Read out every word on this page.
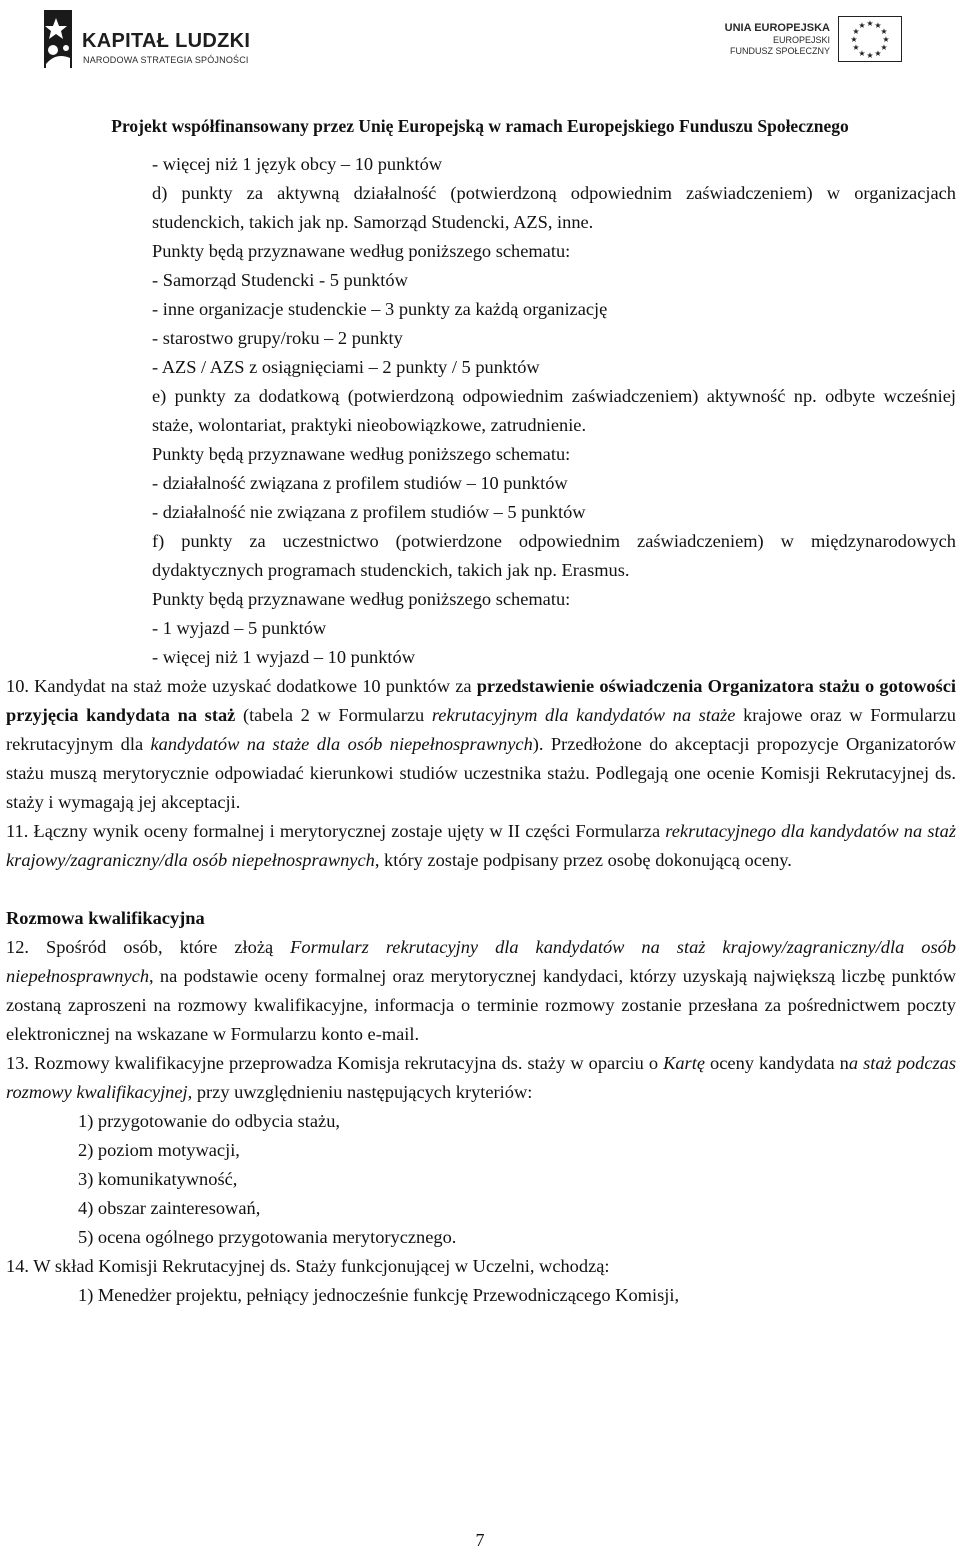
KAPITAŁ LUDZKI
NARODOWA STRATEGIA SPÓJNOŚCI
UNIA EUROPEJSKA
EUROPEJSKI
FUNDUSZ SPOŁECZNY
★ ★
★
★
★
★
★
★
★
★
★
★
Projekt współfinansowany przez Unię Europejską w ramach Europejskiego Funduszu Społecznego

- więcej niż 1 język obcy – 10 punktów

d) punkty za aktywną działalność (potwierdzoną odpowiednim zaświadczeniem) w organizacjach studenckich, takich jak np. Samorząd Studencki, AZS, inne.

Punkty będą przyznawane według poniższego schematu:

- Samorząd Studencki - 5 punktów

- inne organizacje studenckie – 3 punkty za każdą organizację

- starostwo grupy/roku – 2 punkty

- AZS / AZS z osiągnięciami – 2 punkty / 5 punktów

e) punkty za dodatkową (potwierdzoną odpowiednim zaświadczeniem) aktywność np. odbyte wcześniej staże, wolontariat, praktyki nieobowiązkowe, zatrudnienie.

Punkty będą przyznawane według poniższego schematu:

- działalność związana z profilem studiów – 10 punktów

- działalność nie związana z profilem studiów – 5 punktów

f) punkty za uczestnictwo (potwierdzone odpowiednim zaświadczeniem) w międzynarodowych dydaktycznych programach studenckich, takich jak np. Erasmus.

Punkty będą przyznawane według poniższego schematu:

- 1 wyjazd – 5 punktów

- więcej niż 1 wyjazd – 10 punktów

10. Kandydat na staż może uzyskać dodatkowe 10 punktów za przedstawienie oświadczenia Organizatora stażu o gotowości przyjęcia kandydata na staż (tabela 2 w Formularzu rekrutacyjnym dla kandydatów na staże krajowe oraz w Formularzu rekrutacyjnym dla kandydatów na staże dla osób niepełnosprawnych). Przedłożone do akceptacji propozycje Organizatorów stażu muszą merytorycznie odpowiadać kierunkowi studiów uczestnika stażu. Podlegają one ocenie Komisji Rekrutacyjnej ds. staży i wymagają jej akceptacji.

11. Łączny wynik oceny formalnej i merytorycznej zostaje ujęty w II części Formularza rekrutacyjnego dla kandydatów na staż krajowy/zagraniczny/dla osób niepełnosprawnych, który zostaje podpisany przez osobę dokonującą oceny.

Rozmowa kwalifikacyjna

12. Spośród osób, które złożą Formularz rekrutacyjny dla kandydatów na staż krajowy/zagraniczny/dla osób niepełnosprawnych, na podstawie oceny formalnej oraz merytorycznej kandydaci, którzy uzyskają największą liczbę punktów zostaną zaproszeni na rozmowy kwalifikacyjne, informacja o terminie rozmowy zostanie przesłana za pośrednictwem poczty elektronicznej na wskazane w Formularzu konto e-mail.

13. Rozmowy kwalifikacyjne przeprowadza Komisja rekrutacyjna ds. staży w oparciu o Kartę oceny kandydata na staż podczas rozmowy kwalifikacyjnej, przy uwzględnieniu następujących kryteriów:

1) przygotowanie do odbycia stażu,

2) poziom motywacji,

3) komunikatywność,

4) obszar zainteresowań,

5) ocena ogólnego przygotowania merytorycznego.

14. W skład Komisji Rekrutacyjnej ds. Staży funkcjonującej w Uczelni, wchodzą:

1) Menedżer projektu, pełniący jednocześnie funkcję Przewodniczącego Komisji,

7
